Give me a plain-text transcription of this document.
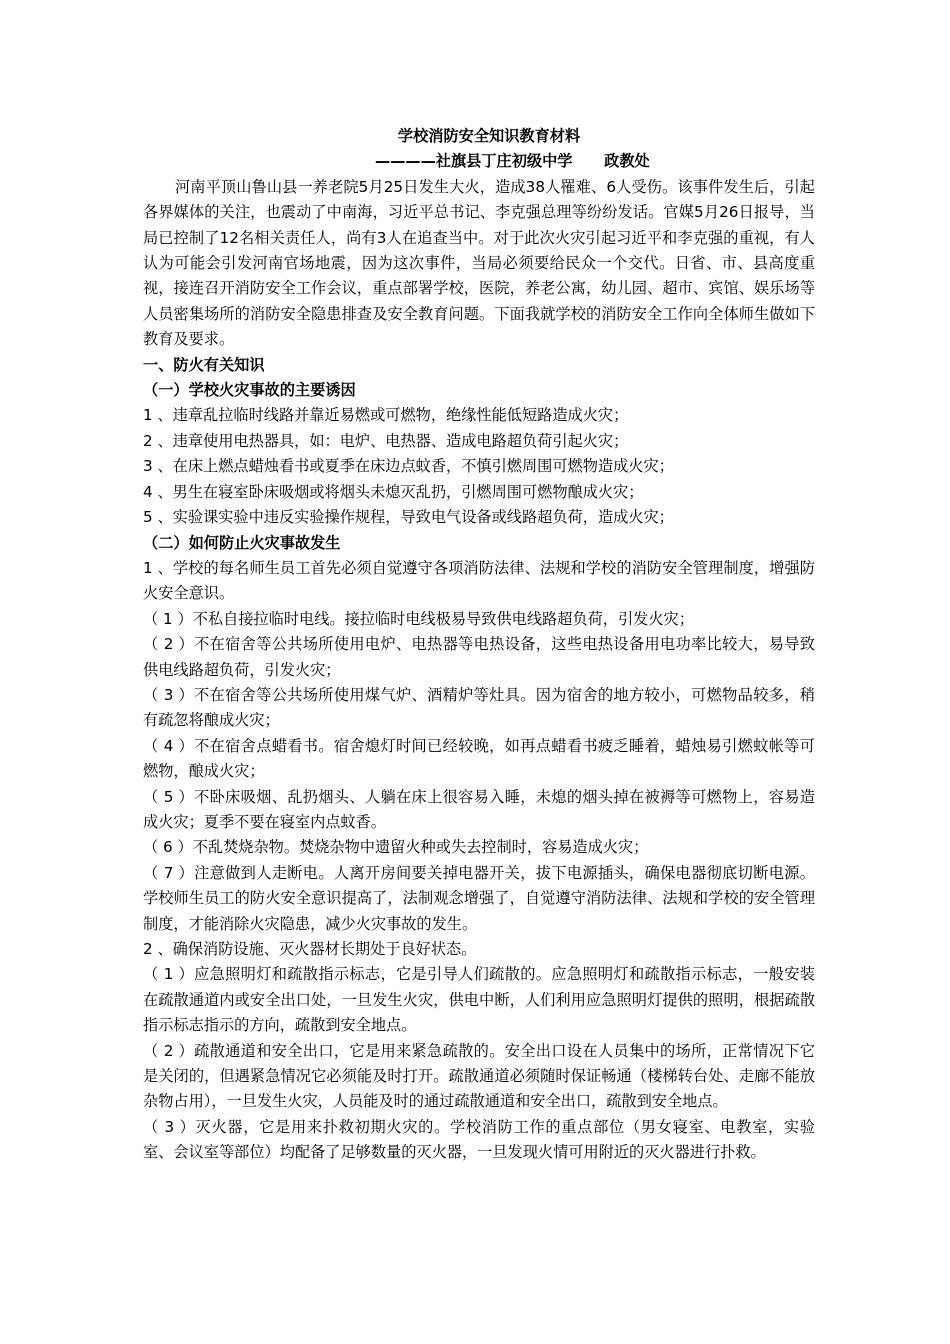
学校消防安全知识教育材料
————社旗县丁庄初级中学      政教处
河南平顶山鲁山县一养老院5月25日发生大火，造成38人罹难、6人受伤。该事件发生后，引起各界媒体的关注，也震动了中南海，习近平总书记、李克强总理等纷纷发话。官媒5月26日报导，当局已控制了12名相关责任人，尚有3人在追查当中。对于此次火灾引起习近平和李克强的重视，有人认为可能会引发河南官场地震，因为这次事件，当局必须要给民众一个交代。日省、市、县高度重视，接连召开消防安全工作会议，重点部署学校，医院，养老公寓，幼儿园、超市、宾馆、娱乐场等人员密集场所的消防安全隐患排查及安全教育问题。下面我就学校的消防安全工作向全体师生做如下教育及要求。
一、防火有关知识
（一）学校火灾事故的主要诱因
1 、违章乱拉临时线路并靠近易燃或可燃物，绝缘性能低短路造成火灾；
2 、违章使用电热器具，如：电炉、电热器、造成电路超负荷引起火灾；
3 、在床上燃点蜡烛看书或夏季在床边点蚊香，不慎引燃周围可燃物造成火灾；
4 、男生在寝室卧床吸烟或将烟头未熄灭乱扔，引燃周围可燃物酿成火灾；
5 、实验课实验中违反实验操作规程，导致电气设备或线路超负荷，造成火灾；
（二）如何防止火灾事故发生
1 、学校的每名师生员工首先必须自觉遵守各项消防法律、法规和学校的消防安全管理制度，增强防火安全意识。
（ 1 ）不私自接拉临时电线。接拉临时电线极易导致供电线路超负荷，引发火灾；
（ 2 ）不在宿舍等公共场所使用电炉、电热器等电热设备，这些电热设备用电功率比较大，易导致供电线路超负荷，引发火灾；
（ 3 ）不在宿舍等公共场所使用煤气炉、酒精炉等灶具。因为宿舍的地方较小，可燃物品较多，稍有疏忽将酿成火灾；
（ 4 ）不在宿舍点蜡看书。宿舍熄灯时间已经较晚，如再点蜡看书疲乏睡着，蜡烛易引燃蚊帐等可燃物，酿成火灾；
（ 5 ）不卧床吸烟、乱扔烟头、人躺在床上很容易入睡，未熄的烟头掉在被褥等可燃物上，容易造成火灾；夏季不要在寝室内点蚊香。
（ 6 ）不乱焚烧杂物。焚烧杂物中遗留火种或失去控制时，容易造成火灾；
（ 7 ）注意做到人走断电。人离开房间要关掉电器开关，拔下电源插头，确保电器彻底切断电源。 学校师生员工的防火安全意识提高了，法制观念增强了，自觉遵守消防法律、法规和学校的安全管理制度，才能消除火灾隐患，减少火灾事故的发生。
2 、确保消防设施、灭火器材长期处于良好状态。
（ 1 ）应急照明灯和疏散指示标志，它是引导人们疏散的。应急照明灯和疏散指示标志，一般安装在疏散通道内或安全出口处，一旦发生火灾，供电中断，人们利用应急照明灯提供的照明，根据疏散指示标志指示的方向，疏散到安全地点。
（ 2 ）疏散通道和安全出口，它是用来紧急疏散的。安全出口设在人员集中的场所，正常情况下它是关闭的，但遇紧急情况它必须能及时打开。疏散通道必须随时保证畅通（楼梯转台处、走廊不能放杂物占用），一旦发生火灾，人员能及时的通过疏散通道和安全出口，疏散到安全地点。
（ 3 ）灭火器，它是用来扑救初期火灾的。学校消防工作的重点部位（男女寝室、电教室，实验室、会议室等部位）均配备了足够数量的灭火器，一旦发现火情可用附近的灭火器进行扑救。
